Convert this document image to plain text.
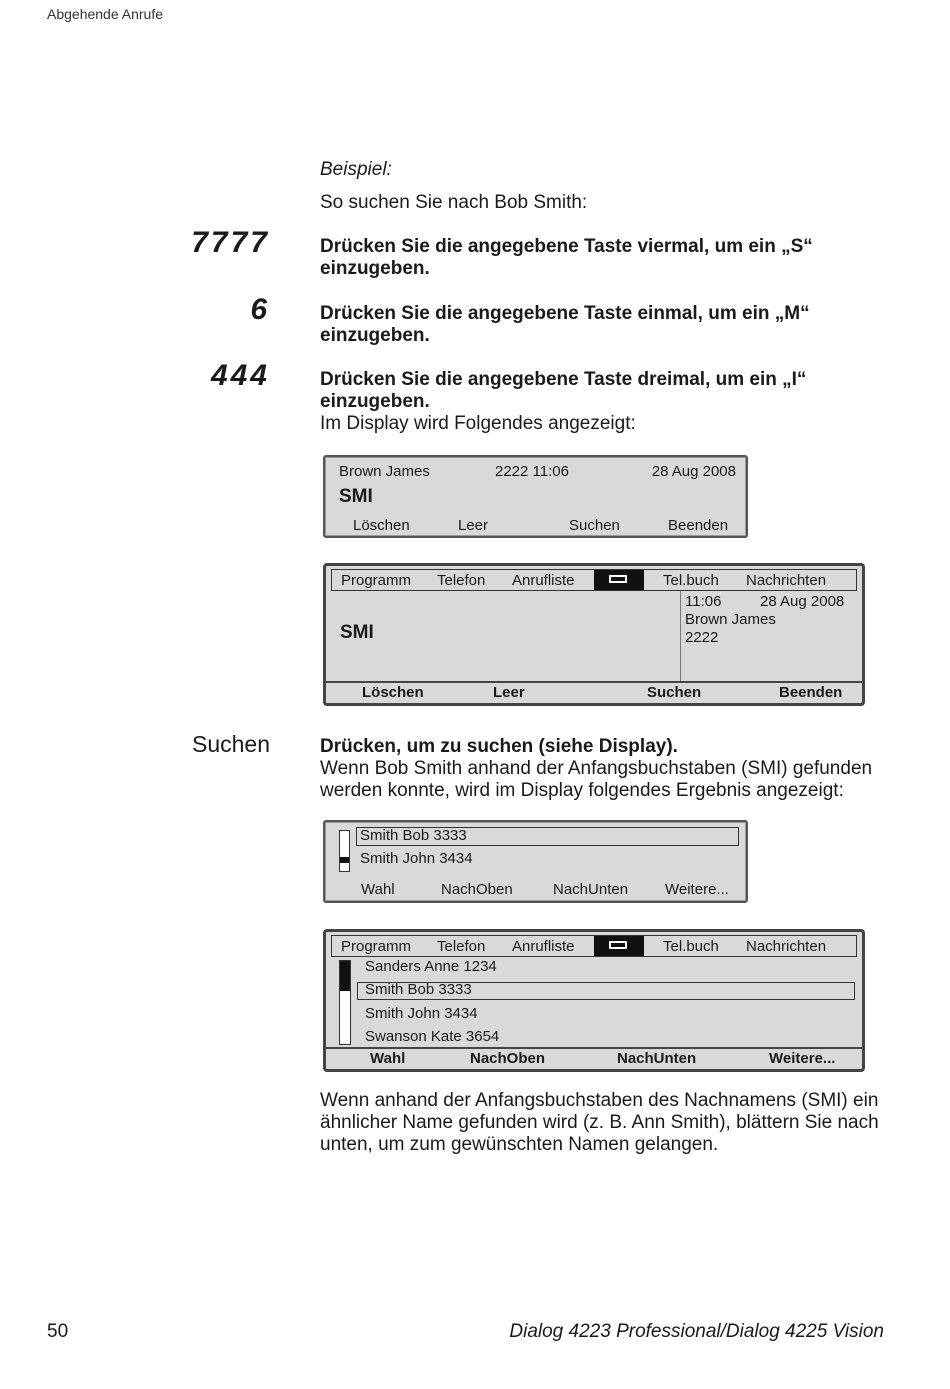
Abgehende Anrufe
Beispiel:
So suchen Sie nach Bob Smith:
7777	Drücken Sie die angegebene Taste viermal, um ein „S“ einzugeben.
6	Drücken Sie die angegebene Taste einmal, um ein „M“ einzugeben.
444	Drücken Sie die angegebene Taste dreimal, um ein „I“ einzugeben.
Im Display wird Folgendes angezeigt:
Brown James	2222 11:06	28 Aug 2008
SMI
Löschen	Leer	Suchen	Beenden
Programm Telefon Anrufliste	Tel.buch Nachrichten
SMI
11:06	28 Aug 2008
Brown James
2222
Löschen	Leer	Suchen	Beenden
Suchen	Drücken, um zu suchen (siehe Display).
Wenn Bob Smith anhand der Anfangsbuchstaben (SMI) gefunden werden konnte, wird im Display folgendes Ergebnis angezeigt:
Smith Bob 3333
Smith John 3434
Wahl	NachOben	NachUnten Weitere...
Programm Telefon Anrufliste	Tel.buch Nachrichten
Sanders Anne 1234
Smith Bob 3333
Smith John 3434
Swanson Kate 3654
Wahl	NachOben	NachUnten	Weitere...
Wenn anhand der Anfangsbuchstaben des Nachnamens (SMI) ein ähnlicher Name gefunden wird (z. B. Ann Smith), blättern Sie nach unten, um zum gewünschten Namen gelangen.
50	Dialog 4223 Professional/Dialog 4225 Vision
